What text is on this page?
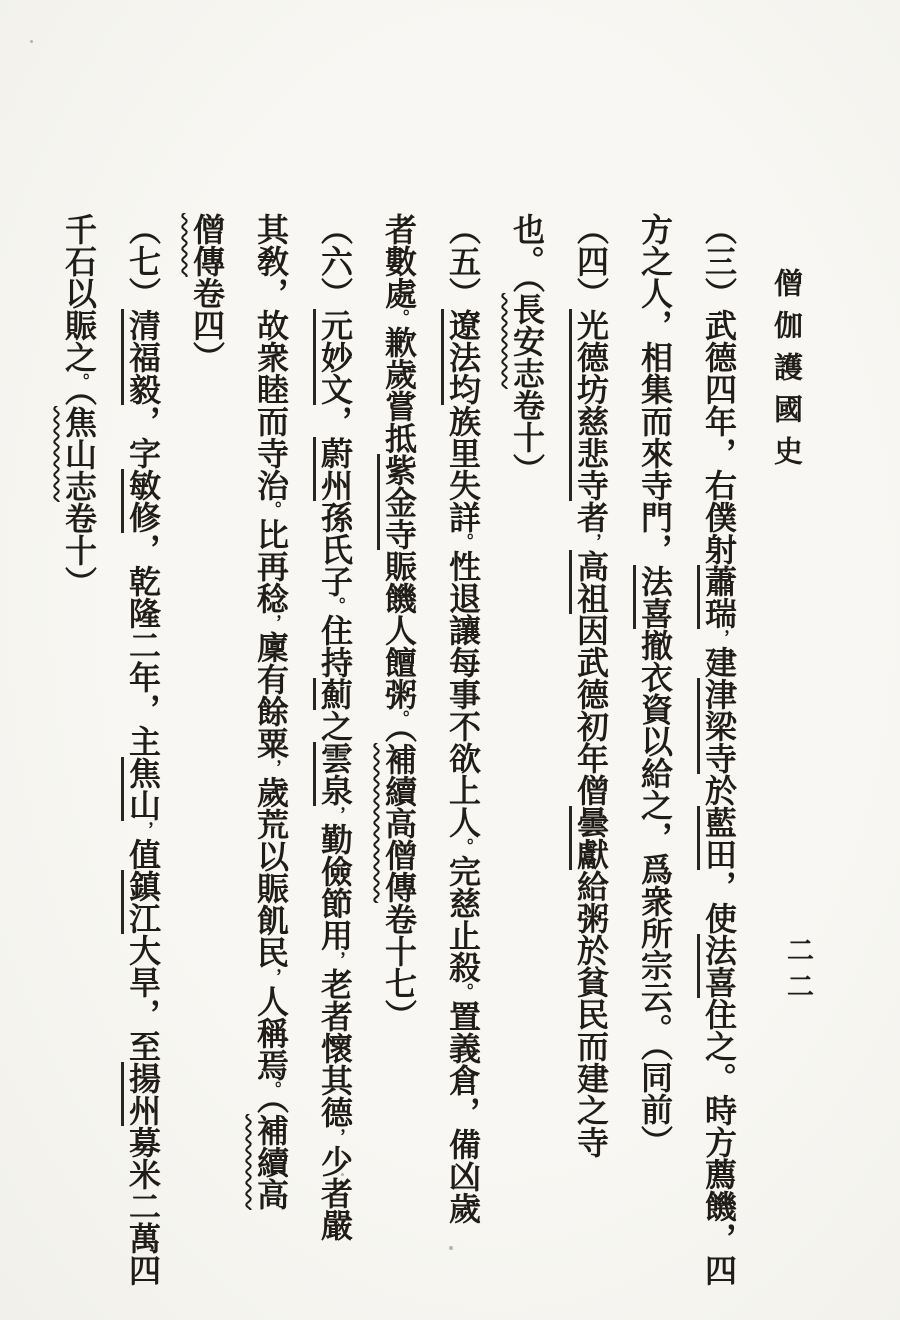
僧伽護國史
二二
（三）武德四年，右僕射蕭瑞，建津梁寺於藍田，使法喜住之。時方薦饑，四
方之人，相集而來寺門，法喜撤衣資以給之，爲衆所宗云。（同前）
（四）光德坊慈悲寺者，高祖因武德初年僧曇獻給粥於貧民而建之寺
也。（長安志卷十）
（五）遼法均族里失詳。性退讓每事不欲上人。完慈止殺。置義倉，備凶歲
者數處。歉歲嘗抵紫金寺賑饑人饘粥。（補續高僧傳卷十七）
（六）元妙文，蔚州孫氏子。住持薊之雲泉，勤儉節用，老者懷其德，少者嚴
其敎，故衆睦而寺治。比再稔，廩有餘粟，歲荒以賑飢民，人稱焉。（補續高
僧傳卷四）
（七）清福毅，字敏修，乾隆二年，主焦山，值鎮江大旱，至揚州募米二萬四
千石以賑之。（焦山志卷十）
